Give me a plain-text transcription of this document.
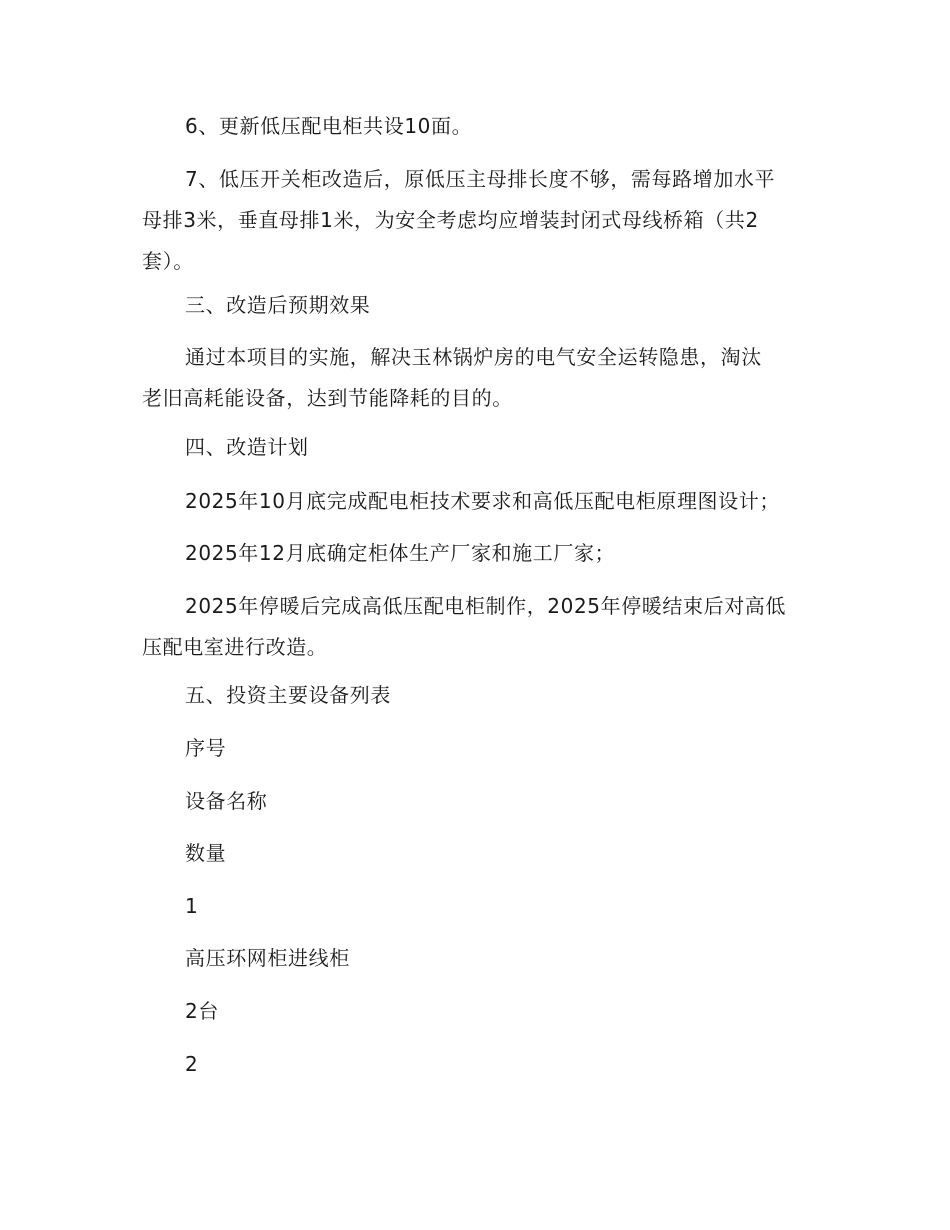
6、更新低压配电柜共设10面。

7、低压开关柜改造后，原低压主母排长度不够，需每路增加水平
母排3米，垂直母排1米，为安全考虑均应增装封闭式母线桥箱（共2
套）。

三、改造后预期效果

通过本项目的实施，解决玉林锅炉房的电气安全运转隐患，淘汰
老旧高耗能设备，达到节能降耗的目的。

四、改造计划

2025年10月底完成配电柜技术要求和高低压配电柜原理图设计；

2025年12月底确定柜体生产厂家和施工厂家；

2025年停暖后完成高低压配电柜制作，2025年停暖结束后对高低
压配电室进行改造。

五、投资主要设备列表

序号

设备名称

数量

1

高压环网柜进线柜

2台

2
